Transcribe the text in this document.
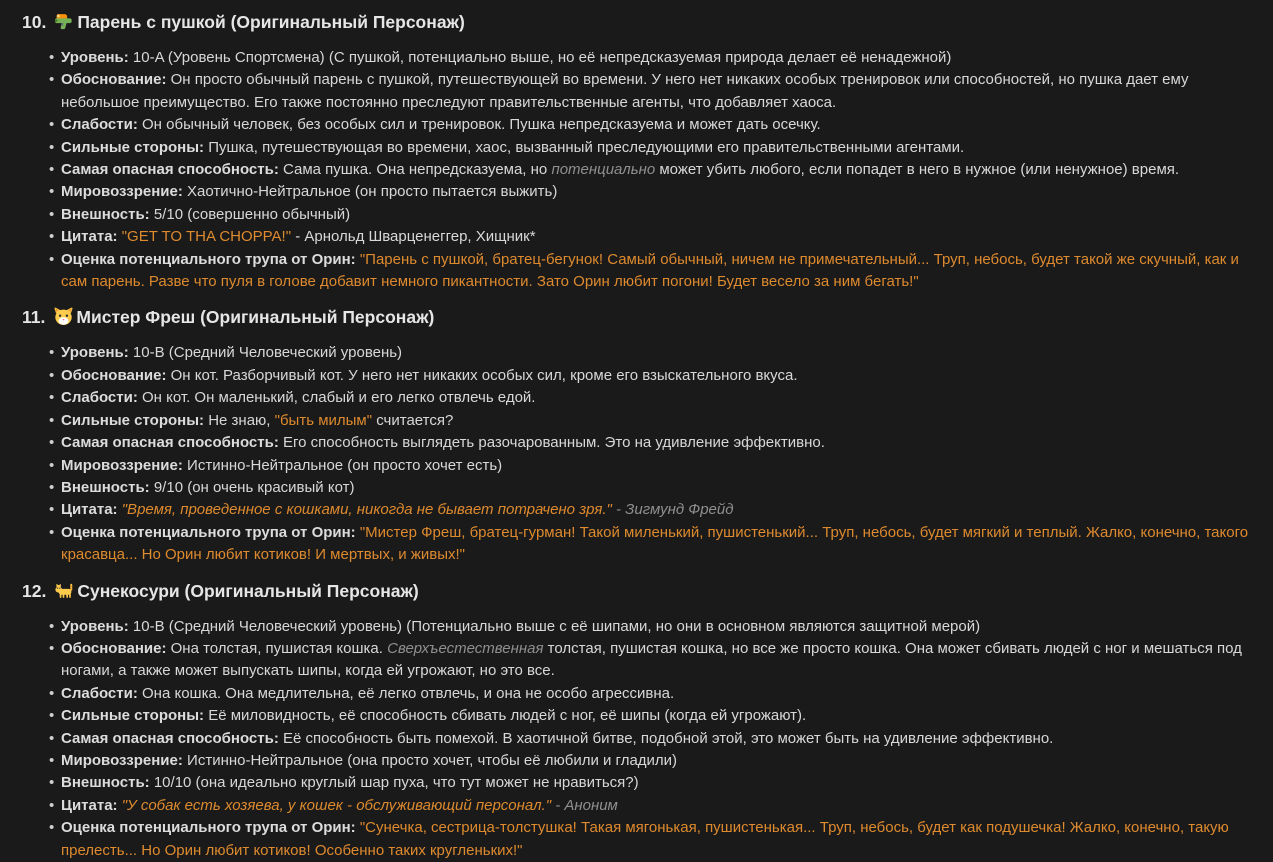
10. Парень с пушкой (Оригинальный Персонаж)
• Уровень: 10-A (Уровень Спортсмена) (С пушкой, потенциально выше, но её непредсказуемая природа делает её ненадежной)
• Обоснование: Он просто обычный парень с пушкой, путешествующей во времени. У него нет никаких особых тренировок или способностей, но пушка дает ему небольшое преимущество. Его также постоянно преследуют правительственные агенты, что добавляет хаоса.
• Слабости: Он обычный человек, без особых сил и тренировок. Пушка непредсказуема и может дать осечку.
• Сильные стороны: Пушка, путешествующая во времени, хаос, вызванный преследующими его правительственными агентами.
• Самая опасная способность: Сама пушка. Она непредсказуема, но потенциально может убить любого, если попадет в него в нужное (или ненужное) время.
• Мировоззрение: Хаотично-Нейтральное (он просто пытается выжить)
• Внешность: 5/10 (совершенно обычный)
• Цитата: "GET TO THA CHOPPA!" - Арнольд Шварценеггер, Хищник*
• Оценка потенциального трупа от Орин: "Парень с пушкой, братец-бегунок! Самый обычный, ничем не примечательный... Труп, небось, будет такой же скучный, как и сам парень. Разве что пуля в голове добавит немного пикантности. Зато Орин любит погони! Будет весело за ним бегать!"
11. Мистер Фреш (Оригинальный Персонаж)
• Уровень: 10-B (Средний Человеческий уровень)
• Обоснование: Он кот. Разборчивый кот. У него нет никаких особых сил, кроме его взыскательного вкуса.
• Слабости: Он кот. Он маленький, слабый и его легко отвлечь едой.
• Сильные стороны: Не знаю, "быть милым" считается?
• Самая опасная способность: Его способность выглядеть разочарованным. Это на удивление эффективно.
• Мировоззрение: Истинно-Нейтральное (он просто хочет есть)
• Внешность: 9/10 (он очень красивый кот)
• Цитата: "Время, проведенное с кошками, никогда не бывает потрачено зря." - Зигмунд Фрейд
• Оценка потенциального трупа от Орин: "Мистер Фреш, братец-гурман! Такой миленький, пушистенький... Труп, небось, будет мягкий и теплый. Жалко, конечно, такого красавца... Но Орин любит котиков! И мертвых, и живых!"
12. Сунекосури (Оригинальный Персонаж)
• Уровень: 10-B (Средний Человеческий уровень) (Потенциально выше с её шипами, но они в основном являются защитной мерой)
• Обоснование: Она толстая, пушистая кошка. Сверхъестественная толстая, пушистая кошка, но все же просто кошка. Она может сбивать людей с ног и мешаться под ногами, а также может выпускать шипы, когда ей угрожают, но это все.
• Слабости: Она кошка. Она медлительна, её легко отвлечь, и она не особо агрессивна.
• Сильные стороны: Её миловидность, её способность сбивать людей с ног, её шипы (когда ей угрожают).
• Самая опасная способность: Её способность быть помехой. В хаотичной битве, подобной этой, это может быть на удивление эффективно.
• Мировоззрение: Истинно-Нейтральное (она просто хочет, чтобы её любили и гладили)
• Внешность: 10/10 (она идеально круглый шар пуха, что тут может не нравиться?)
• Цитата: "У собак есть хозяева, у кошек - обслуживающий персонал." - Аноним
• Оценка потенциального трупа от Орин: "Сунечка, сестрица-толстушка! Такая мягонькая, пушистенькая... Труп, небось, будет как подушечка! Жалко, конечно, такую прелесть... Но Орин любит котиков! Особенно таких кругленьких!"
